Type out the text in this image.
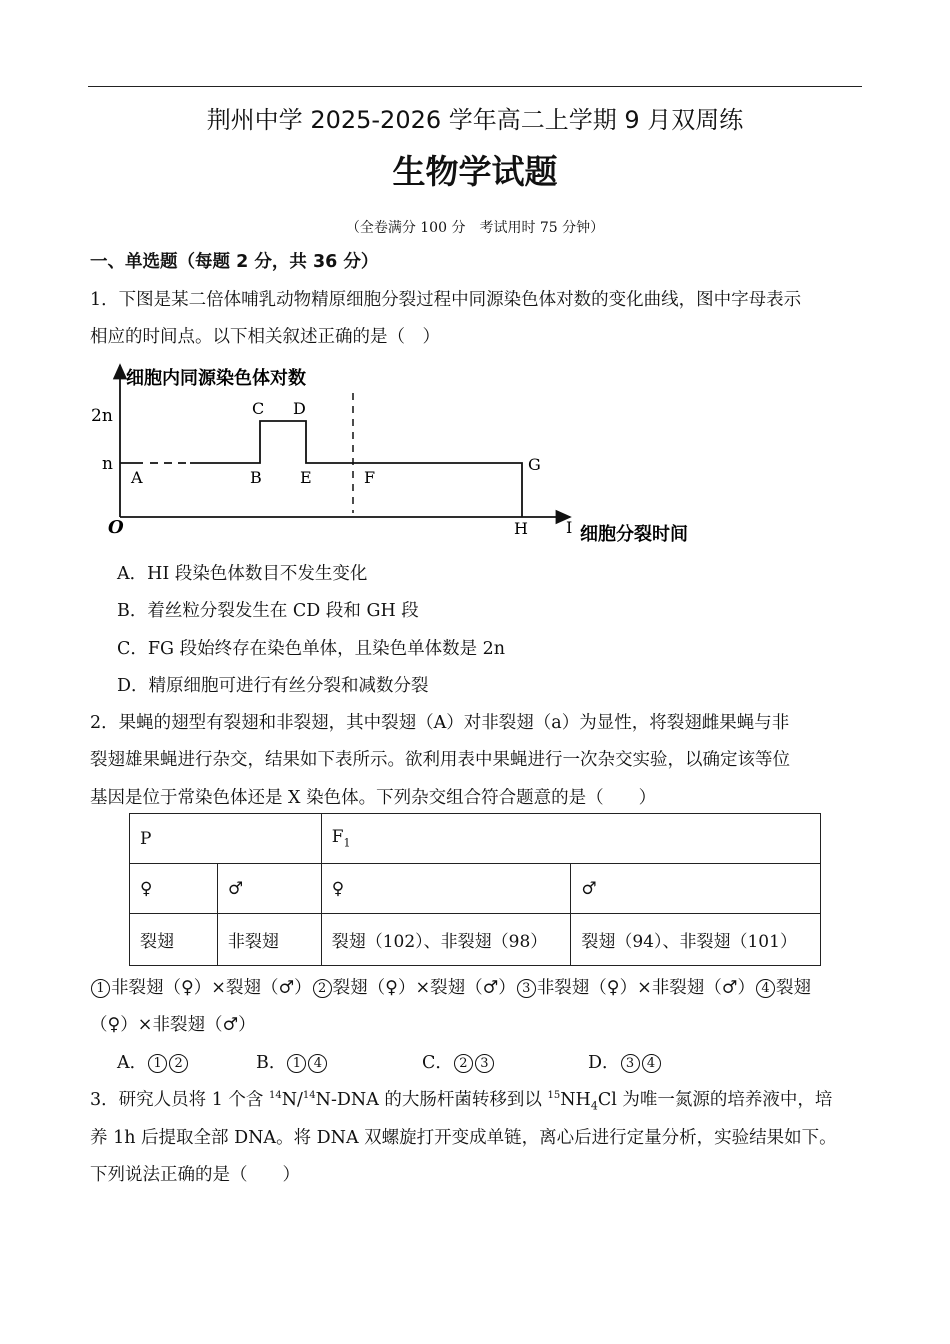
荆州中学 2025-2026 学年高二上学期 9 月双周练
生物学试题
（全卷满分 100 分　考试用时 75 分钟）
一、单选题（每题 2 分，共 36 分）
1．下图是某二倍体哺乳动物精原细胞分裂过程中同源染色体对数的变化曲线，图中字母表示
相应的时间点。以下相关叙述正确的是（　）
细胞内同源染色体对数
2n
n
O
A	B
C D
E	F
G
H I 细胞分裂时间
A．HI 段染色体数目不发生变化
B．着丝粒分裂发生在 CD 段和 GH 段
C．FG 段始终存在染色单体，且染色单体数是 2n
D．精原细胞可进行有丝分裂和减数分裂
2．果蝇的翅型有裂翅和非裂翅，其中裂翅（A）对非裂翅（a）为显性，将裂翅雌果蝇与非
裂翅雄果蝇进行杂交，结果如下表所示。欲利用表中果蝇进行一次杂交实验，以确定该等位
基因是位于常染色体还是 X 染色体。下列杂交组合符合题意的是（　　）
P		$F_1$
♀	♂	♀	♂
裂翅	非裂翅	裂翅（102）、非裂翅（98）	裂翅（94）、非裂翅（101）
1 非裂翅（♀）×裂翅（♂） 2 裂翅（♀）×裂翅（♂） 3 非裂翅（♀）×非裂翅（♂） 4 裂翅
（♀）×非裂翅（♂）
A． 1 2	B． 1 4	C． 2 3	D． 3 4
3．研究人员将 1 个含 $^{14}$N/$^{14}$N-DNA 的大肠杆菌转移到以 $^{15}NH_4Cl$ 为唯一氮源的培养液中，培
养 1h 后提取全部 DNA。将 DNA 双螺旋打开变成单链，离心后进行定量分析，实验结果如下。
下列说法正确的是（　　）
